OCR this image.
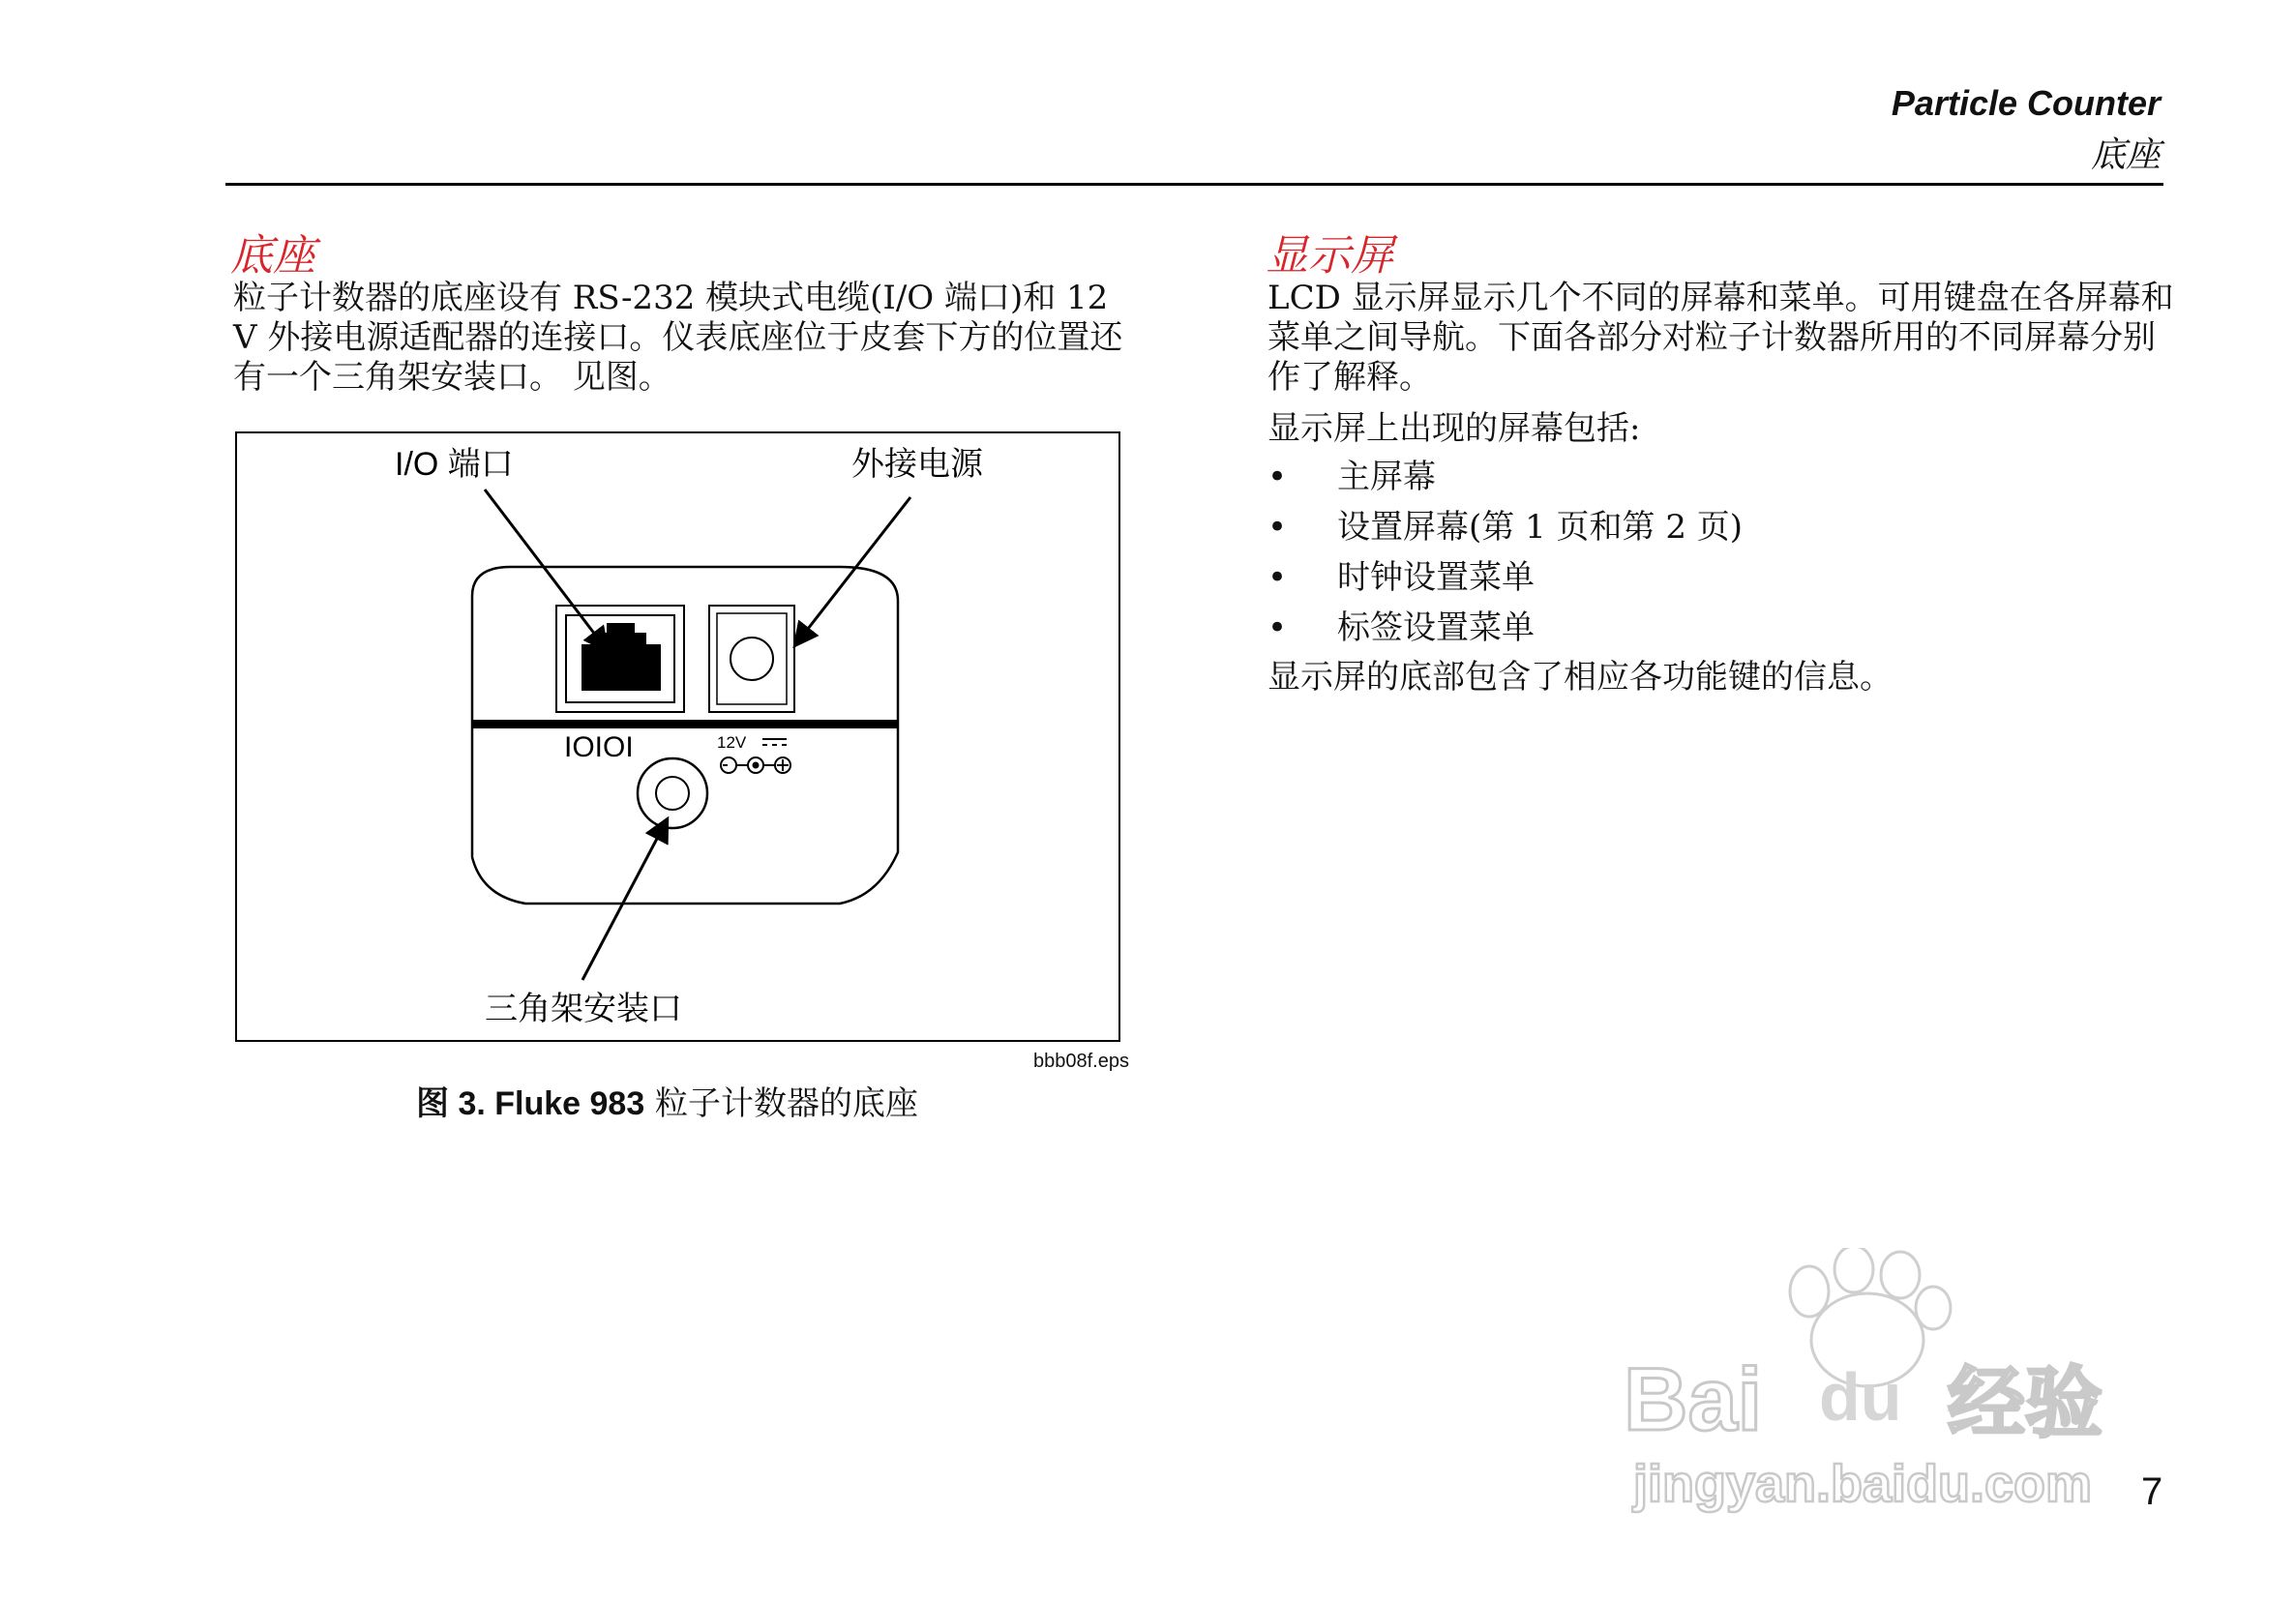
Particle Counter
底座
底座
粒子计数器的底座设有 RS-232 模块式电缆(I/O 端口)和 12 V 外接电源适配器的连接口。仪表底座位于皮套下方的位置还有一个三角架安装口。 见图。
I/O 端口	外接电源
三角架安装口
IOIOI	12V
bbb08f.eps
图 3. Fluke 983 粒子计数器的底座
显示屏
LCD 显示屏显示几个不同的屏幕和菜单。可用键盘在各屏幕和菜单之间导航。下面各部分对粒子计数器所用的不同屏幕分别作了解释。
显示屏上出现的屏幕包括:
• 主屏幕
• 设置屏幕(第 1 页和第 2 页)
• 时钟设置菜单
• 标签设置菜单
显示屏的底部包含了相应各功能键的信息。
Bai du 经验
jingyan.baidu.com 7
